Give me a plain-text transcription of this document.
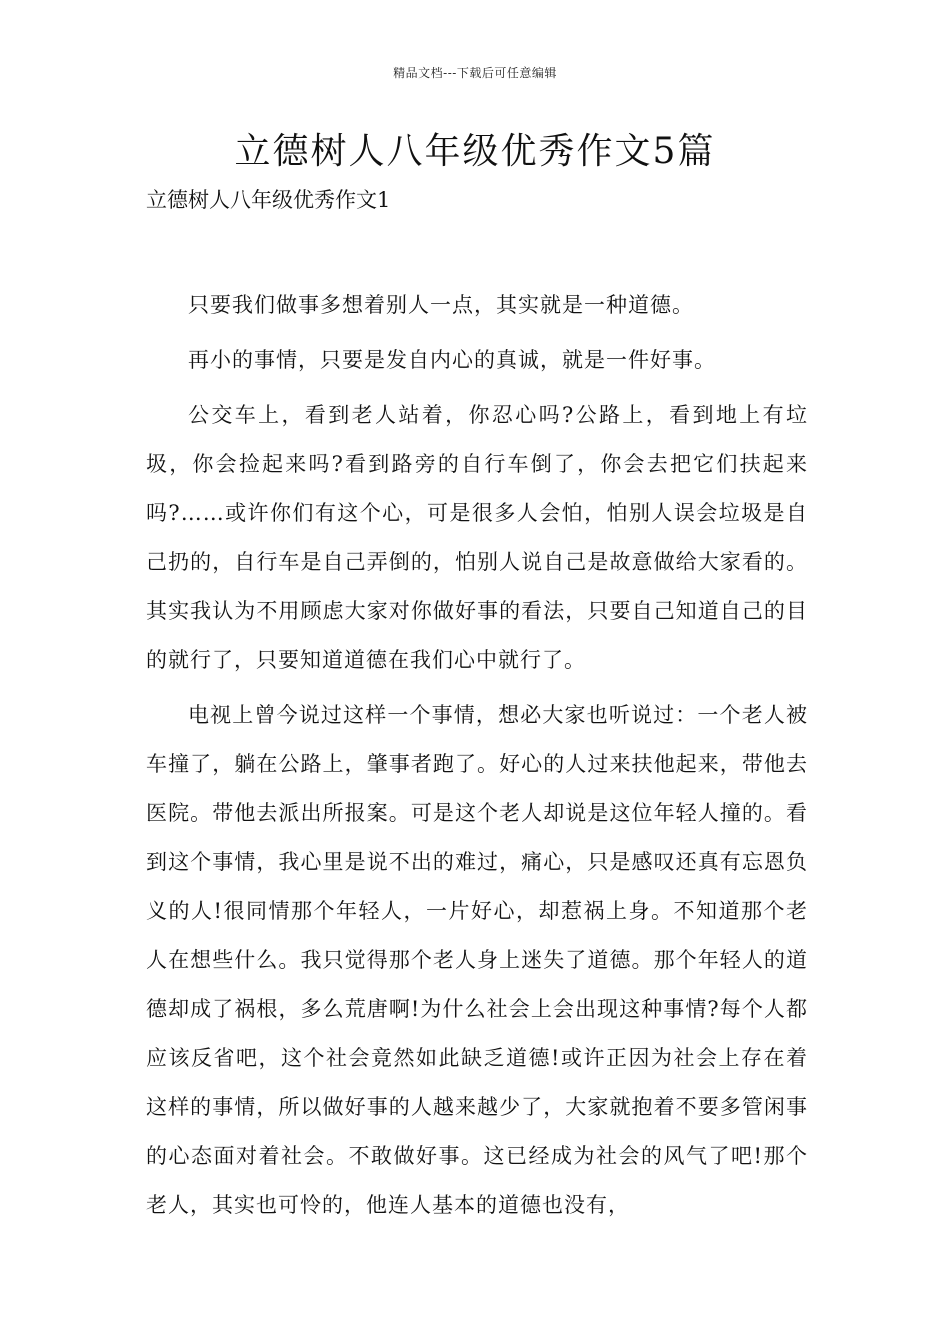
精品文档---下载后可任意编辑
立德树人八年级优秀作文5篇
立德树人八年级优秀作文1

只要我们做事多想着别人一点，其实就是一种道德。

再小的事情，只要是发自内心的真诚，就是一件好事。

公交车上，看到老人站着，你忍心吗?公路上，看到地上有垃圾，你会捡起来吗?看到路旁的自行车倒了，你会去把它们扶起来吗?……或许你们有这个心，可是很多人会怕，怕别人误会垃圾是自己扔的，自行车是自己弄倒的，怕别人说自己是故意做给大家看的。其实我认为不用顾虑大家对你做好事的看法，只要自己知道自己的目的就行了，只要知道道德在我们心中就行了。

电视上曾今说过这样一个事情，想必大家也听说过：一个老人被车撞了，躺在公路上，肇事者跑了。好心的人过来扶他起来，带他去医院。带他去派出所报案。可是这个老人却说是这位年轻人撞的。看到这个事情，我心里是说不出的难过，痛心，只是感叹还真有忘恩负义的人!很同情那个年轻人，一片好心，却惹祸上身。不知道那个老人在想些什么。我只觉得那个老人身上迷失了道德。那个年轻人的道德却成了祸根，多么荒唐啊!为什么社会上会出现这种事情?每个人都应该反省吧，这个社会竟然如此缺乏道德!或许正因为社会上存在着这样的事情，所以做好事的人越来越少了，大家就抱着不要多管闲事的心态面对着社会。不敢做好事。这已经成为社会的风气了吧!那个老人，其实也可怜的，他连人基本的道德也没有，
